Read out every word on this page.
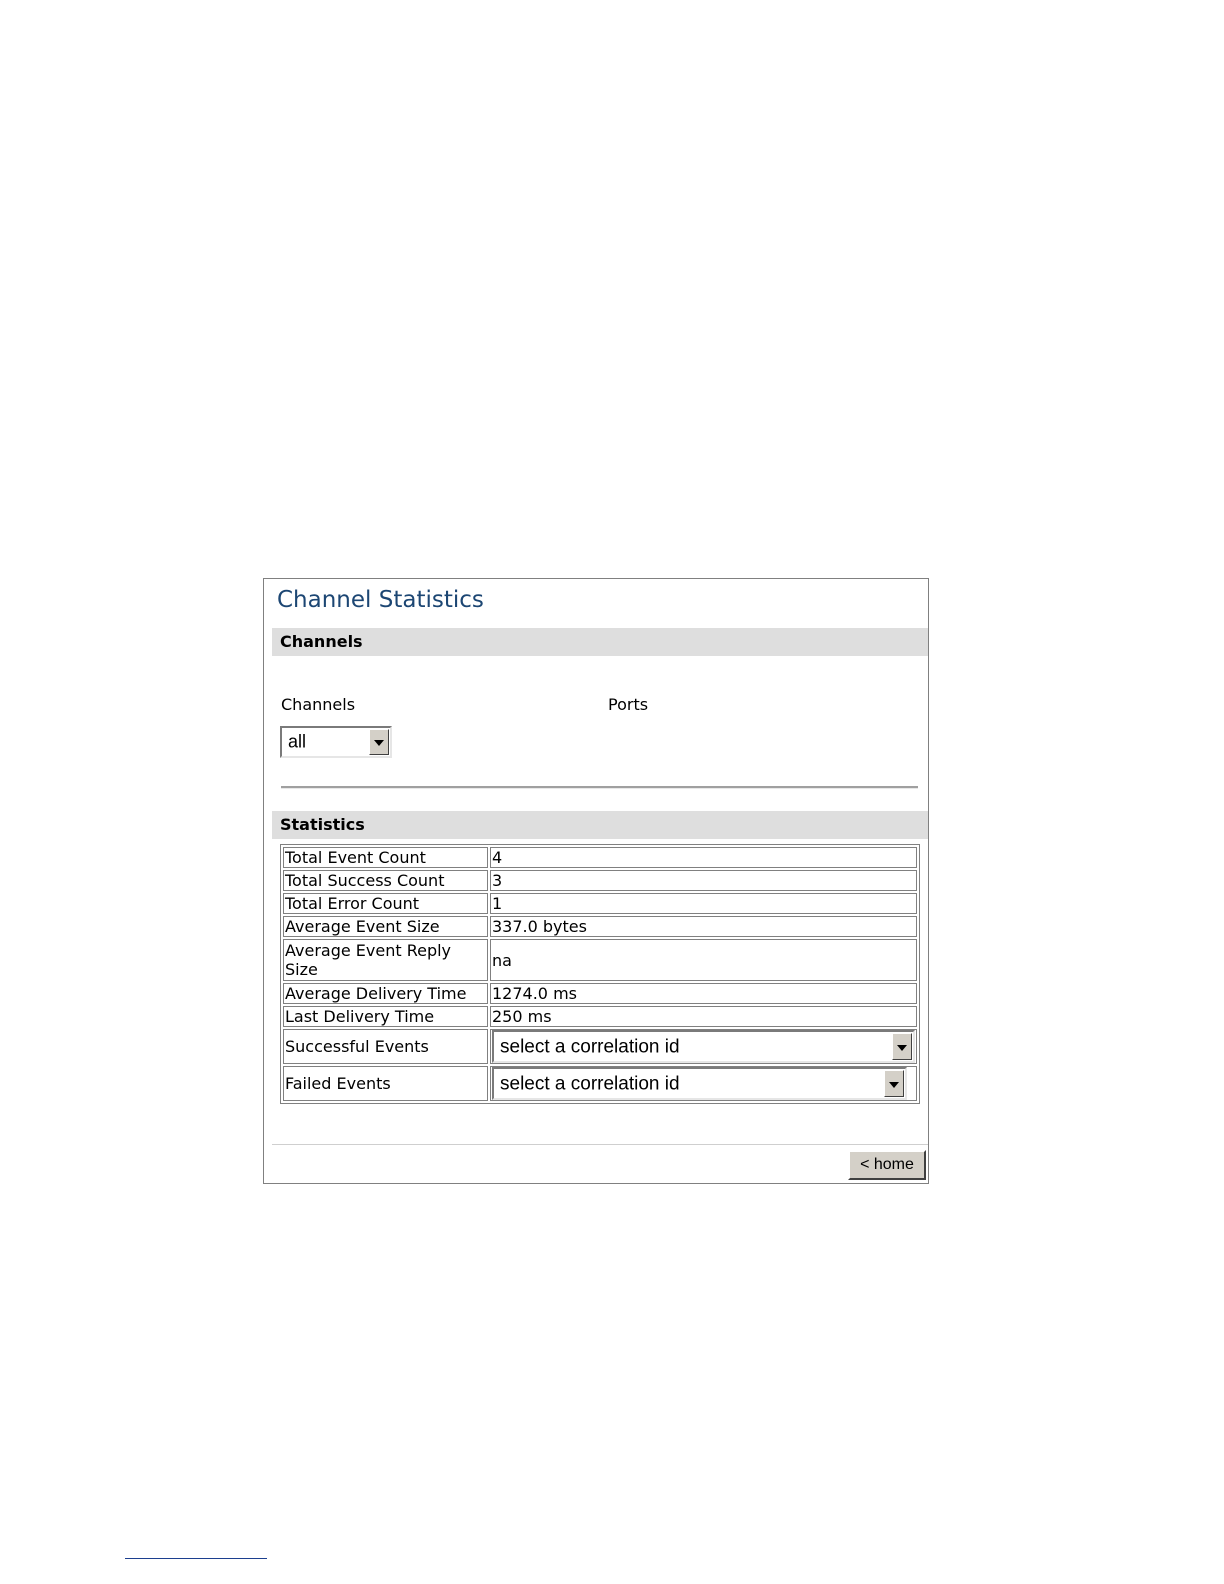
Channel Statistics
Channels
Channels	Ports
all
Statistics
Total Event Count	4
Total Success Count	3
Total Error Count	1
Average Event Size	337.0 bytes
Average Event Reply Size	na
Average Delivery Time	1274.0 ms
Last Delivery Time	250 ms
Successful Events	select a correlation id

Failed Events	select a correlation id
< home
